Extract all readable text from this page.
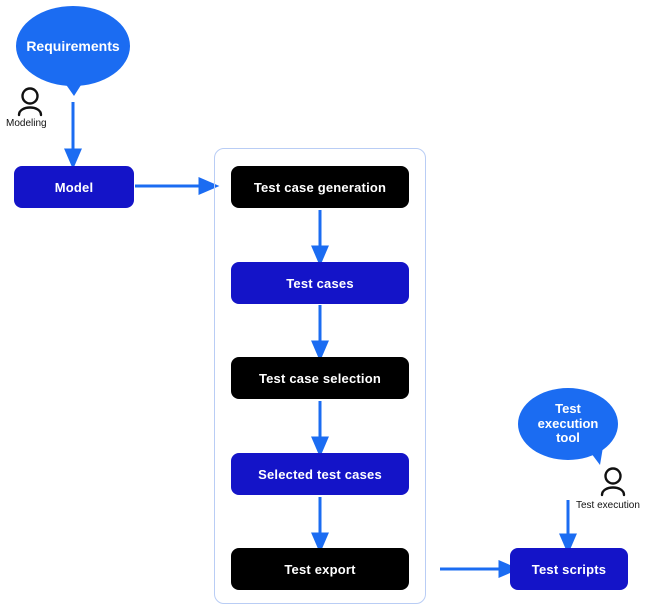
Requirements
Modeling
Model	Test case generation
Test cases
Test case selection
Selected test cases
Test export
Test execution tool
Test execution
Test scripts
